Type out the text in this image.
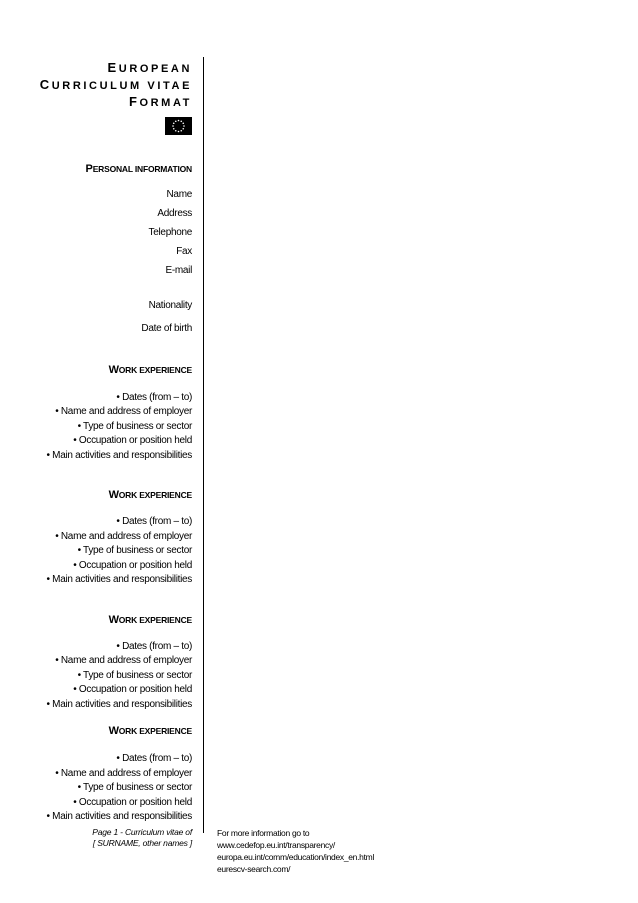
EUROPEAN
CURRICULUM VITAE
FORMAT
PERSONAL INFORMATION
Name
Address
Telephone
Fax
E-mail
Nationality
Date of birth
WORK EXPERIENCE
• Dates (from – to)
• Name and address of employer
• Type of business or sector
• Occupation or position held
• Main activities and responsibilities
WORK EXPERIENCE
• Dates (from – to)
• Name and address of employer
• Type of business or sector
• Occupation or position held
• Main activities and responsibilities
WORK EXPERIENCE
• Dates (from – to)
• Name and address of employer
• Type of business or sector
• Occupation or position held
• Main activities and responsibilities
WORK EXPERIENCE
• Dates (from – to)
• Name and address of employer
• Type of business or sector
• Occupation or position held
• Main activities and responsibilities
Page 1 - Curriculum vitae of
[ SURNAME, other names ]
For more information go to
www.cedefop.eu.int/transparency/
europa.eu.int/comm/education/index_en.html
eurescv-search.com/
